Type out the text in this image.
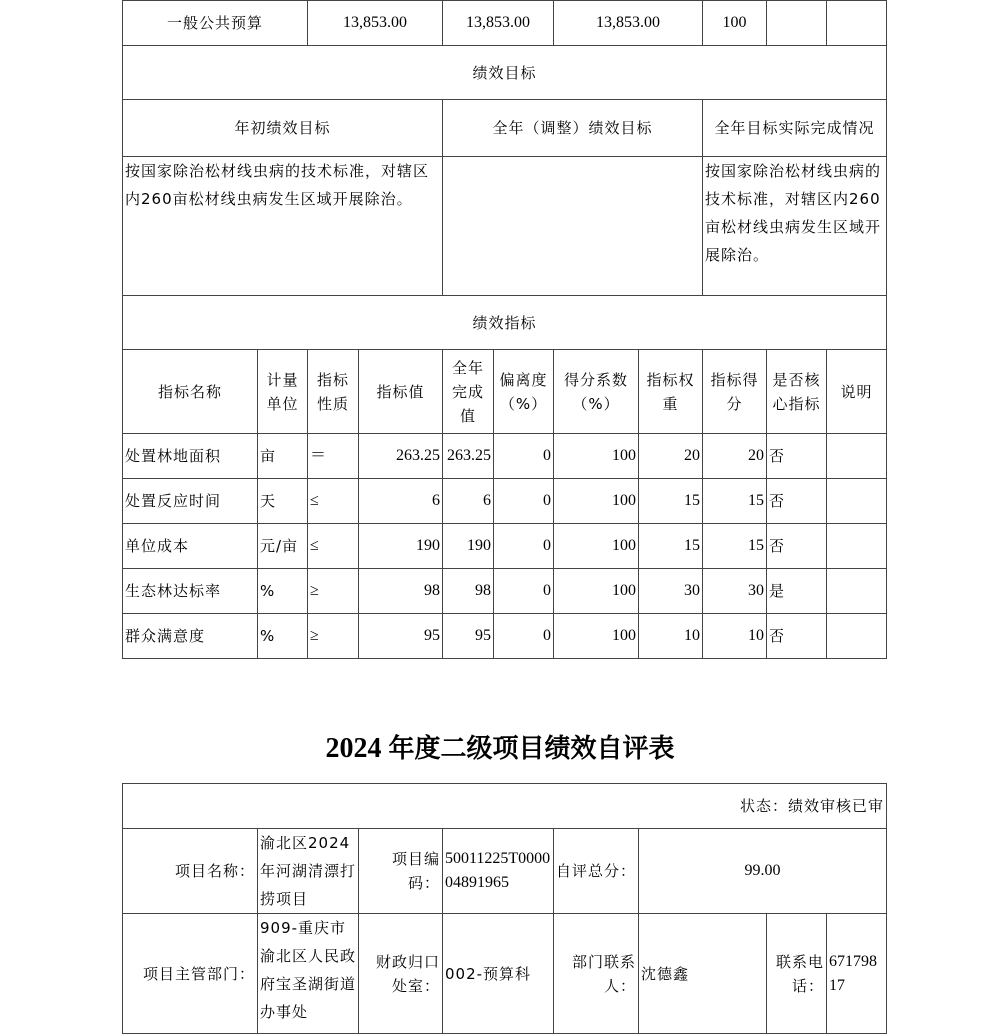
一般公共预算		13,853.00		13,853.00		13,853.00		100		
绩效目标										
年初绩效目标				全年（调整）绩效目标				全年目标实际完成情况		
按国家除治松材线虫病的技术标准，对辖区内260亩松材线虫病发生区域开展除治。								按国家除治松材线虫病的技术标准，对辖区内260亩松材线虫病发生区域开展除治。		
绩效指标										
指标名称	计量单位	指标性质	指标值	全年完成值	偏离度（%）	得分系数（%）	指标权重	指标得分	是否核心指标	说明
处置林地面积	亩	＝	263.25	263.25	0	100	20	20	否	
处置反应时间	天	≤	6	6	0	100	15	15	否	
单位成本	元/亩	≤	190	190	0	100	15	15	否	
生态林达标率	%	≥	98	98	0	100	30	30	是	
群众满意度	%	≥	95	95	0	100	10	10	否	
2024 年度二级项目绩效自评表
状态：绩效审核已审							
项目名称：	渝北区2024年河湖清漂打捞项目	项目编码：	50011225T000004891965	自评总分：	99.00		
项目主管部门：	909-重庆市渝北区人民政府宝圣湖街道办事处	财政归口处室：	002-预算科	部门联系人：	沈德鑫	联系电话：	67179817
